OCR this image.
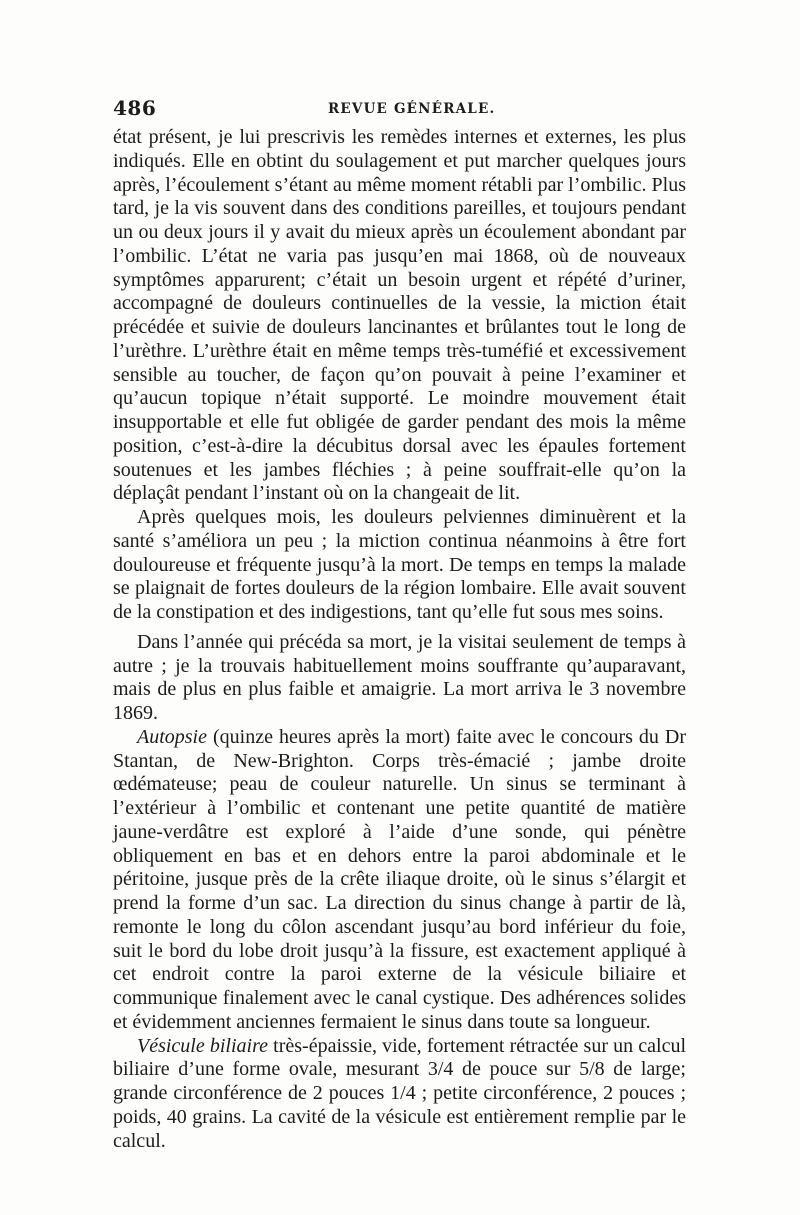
486	REVUE GÉNÉRALE.

état présent, je lui prescrivis les remèdes internes et externes, les plus indiqués. Elle en obtint du soulagement et put marcher quelques jours après, l’écoulement s’étant au même moment rétabli par l’ombilic. Plus tard, je la vis souvent dans des conditions pareilles, et toujours pendant un ou deux jours il y avait du mieux après un écoulement abondant par l’ombilic. L’état ne varia pas jusqu’en mai 1868, où de nouveaux symptômes apparurent; c’était un besoin urgent et répété d’uriner, accompagné de douleurs continuelles de la vessie, la miction était précédée et suivie de douleurs lancinantes et brûlantes tout le long de l’urèthre. L’urèthre était en même temps très-tuméfié et excessivement sensible au toucher, de façon qu’on pouvait à peine l’examiner et qu’aucun topique n’était supporté. Le moindre mouvement était insupportable et elle fut obligée de garder pendant des mois la même position, c’est-à-dire la décubitus dorsal avec les épaules fortement soutenues et les jambes fléchies ; à peine souffrait-elle qu’on la déplaçât pendant l’instant où on la changeait de lit.

Après quelques mois, les douleurs pelviennes diminuèrent et la santé s’améliora un peu ; la miction continua néanmoins à être fort douloureuse et fréquente jusqu’à la mort. De temps en temps la malade se plaignait de fortes douleurs de la région lombaire. Elle avait souvent de la constipation et des indigestions, tant qu’elle fut sous mes soins.

Dans l’année qui précéda sa mort, je la visitai seulement de temps à autre ; je la trouvais habituellement moins souffrante qu’auparavant, mais de plus en plus faible et amaigrie. La mort arriva le 3 novembre 1869.

Autopsie (quinze heures après la mort) faite avec le concours du Dr Stantan, de New-Brighton. Corps très-émacié ; jambe droite œdémateuse; peau de couleur naturelle. Un sinus se terminant à l’extérieur à l’ombilic et contenant une petite quantité de matière jaune-verdâtre est exploré à l’aide d’une sonde, qui pénètre obliquement en bas et en dehors entre la paroi abdominale et le péritoine, jusque près de la crête iliaque droite, où le sinus s’élargit et prend la forme d’un sac. La direction du sinus change à partir de là, remonte le long du côlon ascendant jusqu’au bord inférieur du foie, suit le bord du lobe droit jusqu’à la fissure, est exactement appliqué à cet endroit contre la paroi externe de la vésicule biliaire et communique finalement avec le canal cystique. Des adhérences solides et évidemment anciennes fermaient le sinus dans toute sa longueur.

Vésicule biliaire très-épaissie, vide, fortement rétractée sur un calcul biliaire d’une forme ovale, mesurant 3/4 de pouce sur 5/8 de large; grande circonférence de 2 pouces 1/4 ; petite circonférence, 2 pouces ; poids, 40 grains. La cavité de la vésicule est entièrement remplie par le calcul.
